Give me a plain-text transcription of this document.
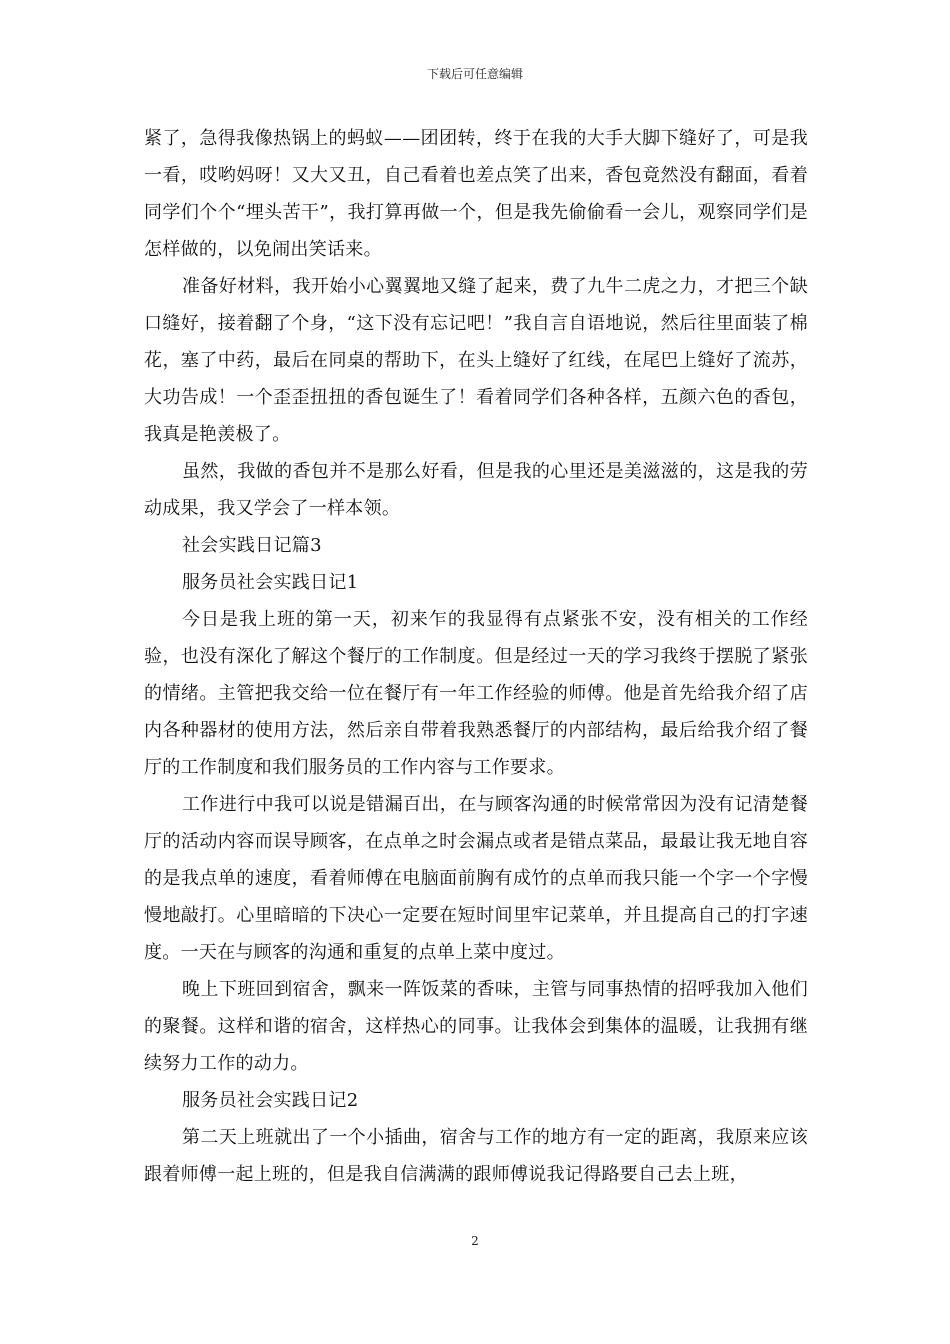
下载后可任意编辑

紧了，急得我像热锅上的蚂蚁——团团转，终于在我的大手大脚下缝好了，可是我一看，哎哟妈呀！又大又丑，自己看着也差点笑了出来，香包竟然没有翻面，看着同学们个个“埋头苦干”，我打算再做一个，但是我先偷偷看一会儿，观察同学们是怎样做的，以免闹出笑话来。

准备好材料，我开始小心翼翼地又缝了起来，费了九牛二虎之力，才把三个缺口缝好，接着翻了个身，“这下没有忘记吧！”我自言自语地说，然后往里面装了棉花，塞了中药，最后在同桌的帮助下，在头上缝好了红线，在尾巴上缝好了流苏，大功告成！一个歪歪扭扭的香包诞生了！看着同学们各种各样，五颜六色的香包，我真是艳羡极了。

虽然，我做的香包并不是那么好看，但是我的心里还是美滋滋的，这是我的劳动成果，我又学会了一样本领。

社会实践日记篇3

服务员社会实践日记1

今日是我上班的第一天，初来乍的我显得有点紧张不安，没有相关的工作经验，也没有深化了解这个餐厅的工作制度。但是经过一天的学习我终于摆脱了紧张的情绪。主管把我交给一位在餐厅有一年工作经验的师傅。他是首先给我介绍了店内各种器材的使用方法，然后亲自带着我熟悉餐厅的内部结构，最后给我介绍了餐厅的工作制度和我们服务员的工作内容与工作要求。

工作进行中我可以说是错漏百出，在与顾客沟通的时候常常因为没有记清楚餐厅的活动内容而误导顾客，在点单之时会漏点或者是错点菜品，最最让我无地自容的是我点单的速度，看着师傅在电脑面前胸有成竹的点单而我只能一个字一个字慢慢地敲打。心里暗暗的下决心一定要在短时间里牢记菜单，并且提高自己的打字速度。一天在与顾客的沟通和重复的点单上菜中度过。

晚上下班回到宿舍，飘来一阵饭菜的香味，主管与同事热情的招呼我加入他们的聚餐。这样和谐的宿舍，这样热心的同事。让我体会到集体的温暖，让我拥有继续努力工作的动力。

服务员社会实践日记2

第二天上班就出了一个小插曲，宿舍与工作的地方有一定的距离，我原来应该跟着师傅一起上班的，但是我自信满满的跟师傅说我记得路要自己去上班，

2
